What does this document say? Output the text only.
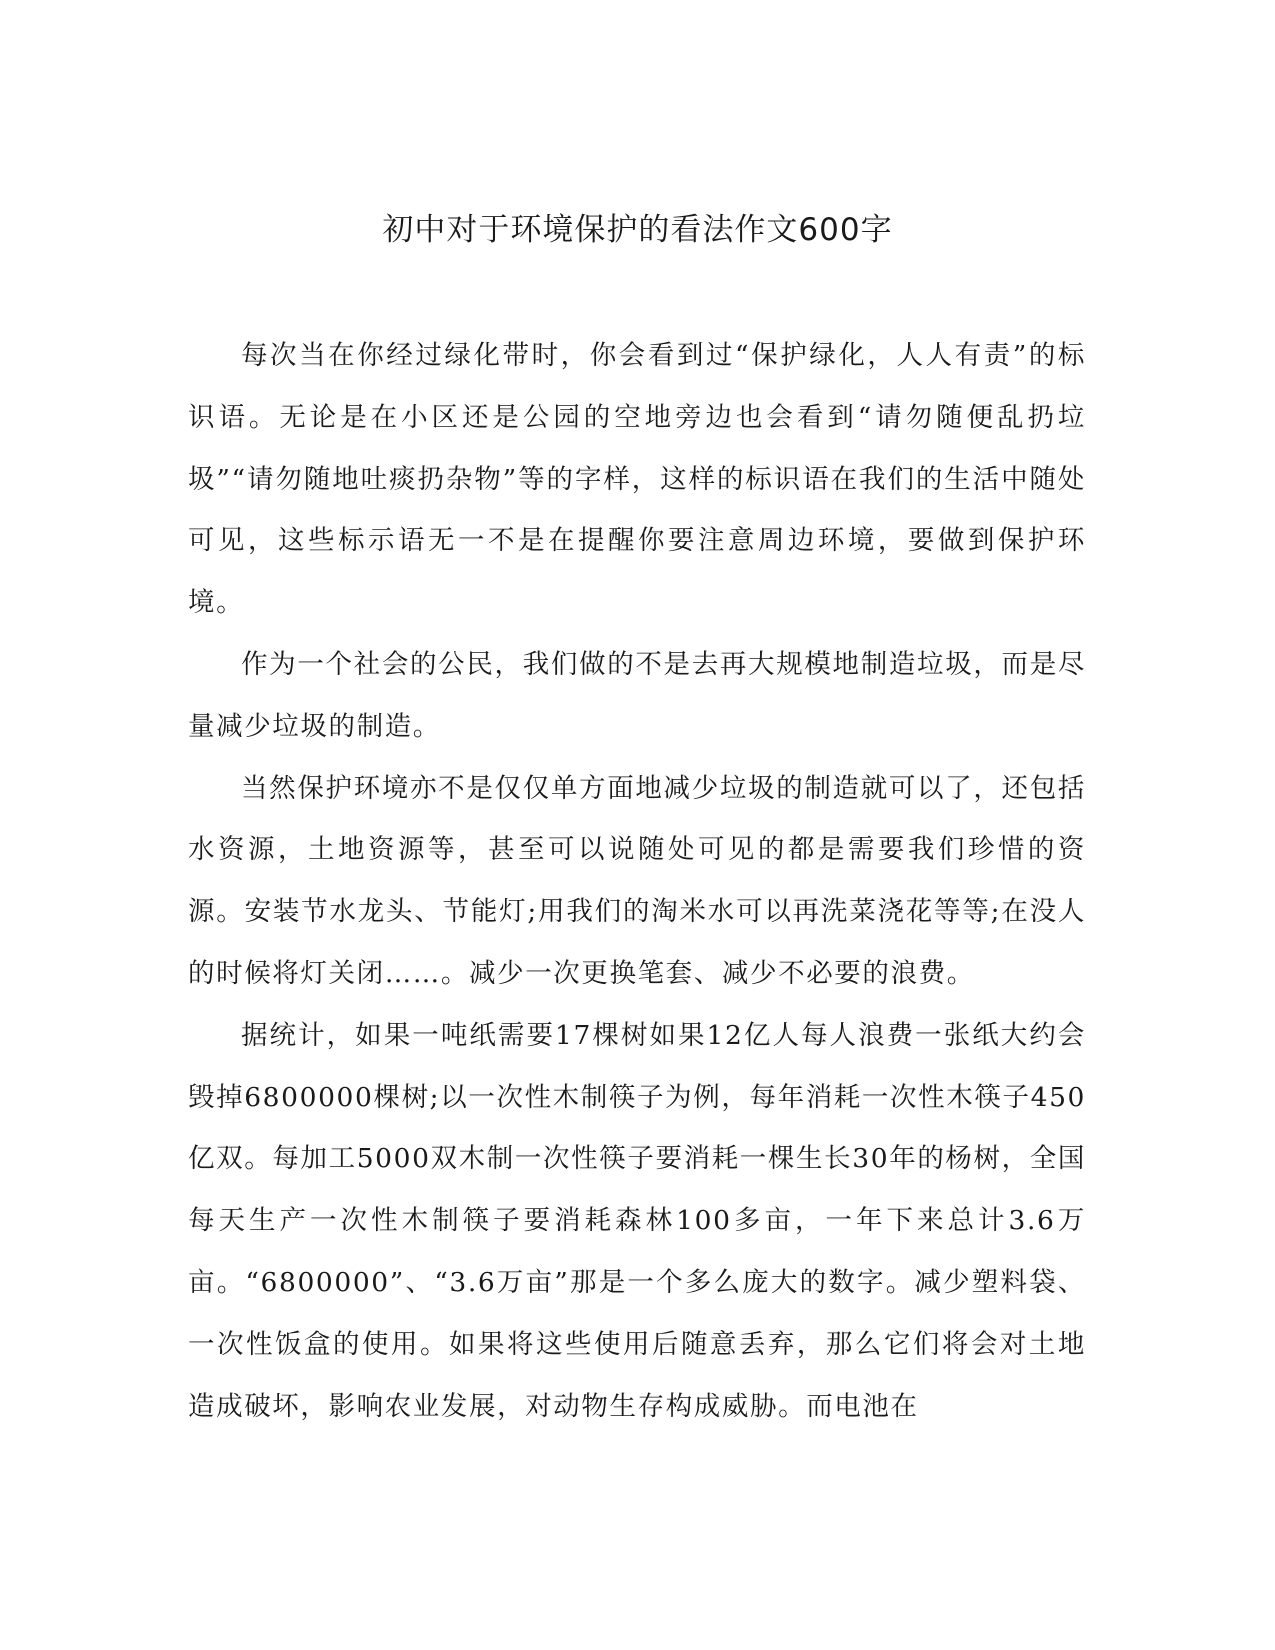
初中对于环境保护的看法作文600字

每次当在你经过绿化带时，你会看到过“保护绿化，人人有责”的标识语。无论是在小区还是公园的空地旁边也会看到“请勿随便乱扔垃圾”“请勿随地吐痰扔杂物”等的字样，这样的标识语在我们的生活中随处可见，这些标示语无一不是在提醒你要注意周边环境，要做到保护环境。

作为一个社会的公民，我们做的不是去再大规模地制造垃圾，而是尽量减少垃圾的制造。

当然保护环境亦不是仅仅单方面地减少垃圾的制造就可以了，还包括水资源，土地资源等，甚至可以说随处可见的都是需要我们珍惜的资源。安装节水龙头、节能灯;用我们的淘米水可以再洗菜浇花等等;在没人的时候将灯关闭……。减少一次更换笔套、减少不必要的浪费。

据统计，如果一吨纸需要17棵树如果12亿人每人浪费一张纸大约会毁掉6800000棵树;以一次性木制筷子为例，每年消耗一次性木筷子450亿双。每加工5000双木制一次性筷子要消耗一棵生长30年的杨树，全国每天生产一次性木制筷子要消耗森林100多亩，一年下来总计3.6万亩。“6800000”、“3.6万亩”那是一个多么庞大的数字。减少塑料袋、一次性饭盒的使用。如果将这些使用后随意丢弃，那么它们将会对土地造成破坏，影响农业发展，对动物生存构成威胁。而电池在
